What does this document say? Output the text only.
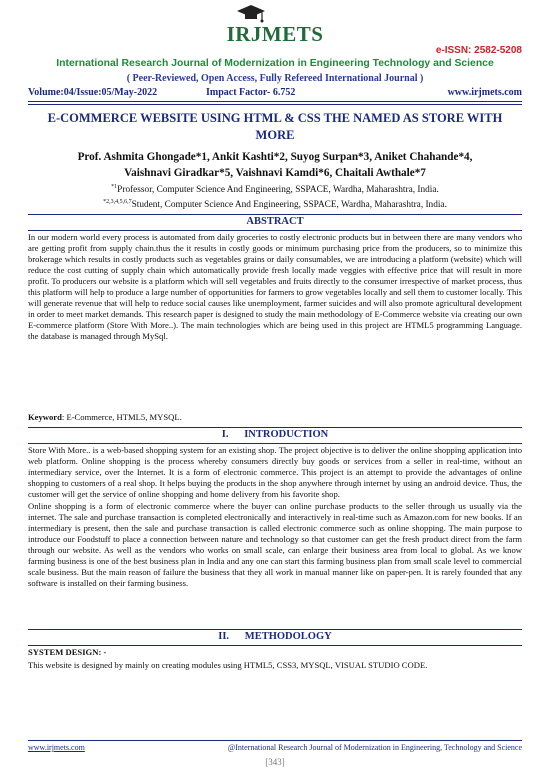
IRJMETS
e-ISSN: 2582-5208
International Research Journal of Modernization in Engineering Technology and Science
( Peer-Reviewed, Open Access, Fully Refereed International Journal )
Volume:04/Issue:05/May-2022	Impact Factor- 6.752	www.irjmets.com
E-COMMERCE WEBSITE USING HTML & CSS THE NAMED AS STORE WITH MORE
Prof. Ashmita Ghongade*1, Ankit Kashti*2, Suyog Surpan*3, Aniket Chahande*4,
Vaishnavi Giradkar*5, Vaishnavi Kamdi*6, Chaitali Awthale*7
$^{*1}$Professor, Computer Science And Engineering, SSPACE, Wardha, Maharashtra, India.
$^{*2,3,4,5,6,7}$Student, Computer Science And Engineering, SSPACE, Wardha, Maharashtra, India.
ABSTRACT

In our modern world every process is automated from daily groceries to costly electronic products but in between there are many vendors who are getting profit from supply chain.thus the it results in costly goods or minimum purchasing price from the producers, so to minimize this brokerage which results in costly products such as vegetables grains or daily consumables, we are introducing a platform (website) which will reduce the cost cutting of supply chain which automatically provide fresh locally made veggies with effective price that will result in more profit. To producers our website is a platform which will sell vegetables and fruits directly to the consumer irrespective of market process, thus this platform will help to produce a large number of opportunities for farmers to grow vegetables locally and sell them to customer locally. This will generate revenue that will help to reduce social causes like unemployment, farmer suicides and will also promote agricultural development in order to meet market demands. This research paper is designed to study the main methodology of E-Commerce website via creating our own E-commerce platform (Store With More..). The main technologies which are being used in this project are HTML5 programming Language. the database is managed through MySql.

Keyword: E-Commerce, HTML5, MYSQL.

I.      INTRODUCTION

Store With More.. is a web-based shopping system for an existing shop. The project objective is to deliver the online shopping application into web platform. Online shopping is the process whereby consumers directly buy goods or services from a seller in real-time, without an intermediary service, over the Internet. It is a form of electronic commerce. This project is an attempt to provide the advantages of online shopping to customers of a real shop. It helps buying the products in the shop anywhere through internet by using an android device. Thus, the customer will get the service of online shopping and home delivery from his favorite shop.

Online shopping is a form of electronic commerce where the buyer can online purchase products to the seller through us usually via the internet. The sale and purchase transaction is completed electronically and interactively in real-time such as Amazon.com for new books. If an intermediary is present, then the sale and purchase transaction is called electronic commerce such as online shopping. The main purpose to introduce our Foodstuff to place a connection between nature and technology so that customer can get the fresh product direct from the farm through our website. As well as the vendors who works on small scale, can enlarge their business area from local to global. As we know farming business is one of the best business plan in India and any one can start this farming business plan from small scale level to commercial scale business. But the main reason of failure the business that they all work in manual manner like on paper-pen. It is rarely founded that any software is installed on their farming business.

II.      METHODOLOGY

SYSTEM DESIGN: -

This website is designed by mainly on creating modules using HTML5, CSS3, MYSQL, VISUAL STUDIO CODE.

www.irjmets.com	@International Research Journal of Modernization in Engineering, Technology and Science
[343]
